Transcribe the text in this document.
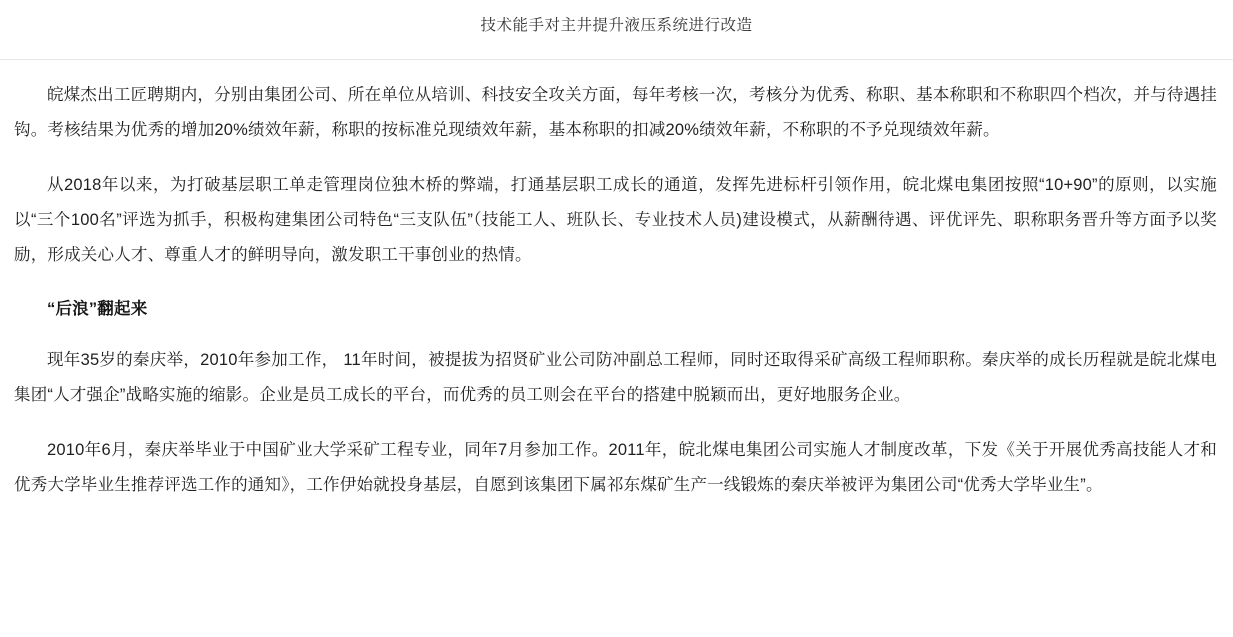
技术能手对主井提升液压系统进行改造

皖煤杰出工匠聘期内，分别由集团公司、所在单位从培训、科技安全攻关方面，每年考核一次，考核分为优秀、称职、基本称职和不称职四个档次，并与待遇挂钩。考核结果为优秀的增加20%绩效年薪，称职的按标准兑现绩效年薪，基本称职的扣减20%绩效年薪，不称职的不予兑现绩效年薪。

从2018年以来，为打破基层职工单走管理岗位独木桥的弊端，打通基层职工成长的通道，发挥先进标杆引领作用，皖北煤电集团按照“10+90”的原则，以实施以“三个100名”评选为抓手，积极构建集团公司特色“三支队伍”（技能工人、班队长、专业技术人员)建设模式，从薪酬待遇、评优评先、职称职务晋升等方面予以奖励，形成关心人才、尊重人才的鲜明导向，激发职工干事创业的热情。

“后浪”翻起来

现年35岁的秦庆举，2010年参加工作， 11年时间，被提拔为招贤矿业公司防冲副总工程师，同时还取得采矿高级工程师职称。秦庆举的成长历程就是皖北煤电集团“人才强企”战略实施的缩影。企业是员工成长的平台，而优秀的员工则会在平台的搭建中脱颖而出，更好地服务企业。

2010年6月，秦庆举毕业于中国矿业大学采矿工程专业，同年7月参加工作。2011年，皖北煤电集团公司实施人才制度改革，下发《关于开展优秀高技能人才和优秀大学毕业生推荐评选工作的通知》，工作伊始就投身基层，自愿到该集团下属祁东煤矿生产一线锻炼的秦庆举被评为集团公司“优秀大学毕业生”。
